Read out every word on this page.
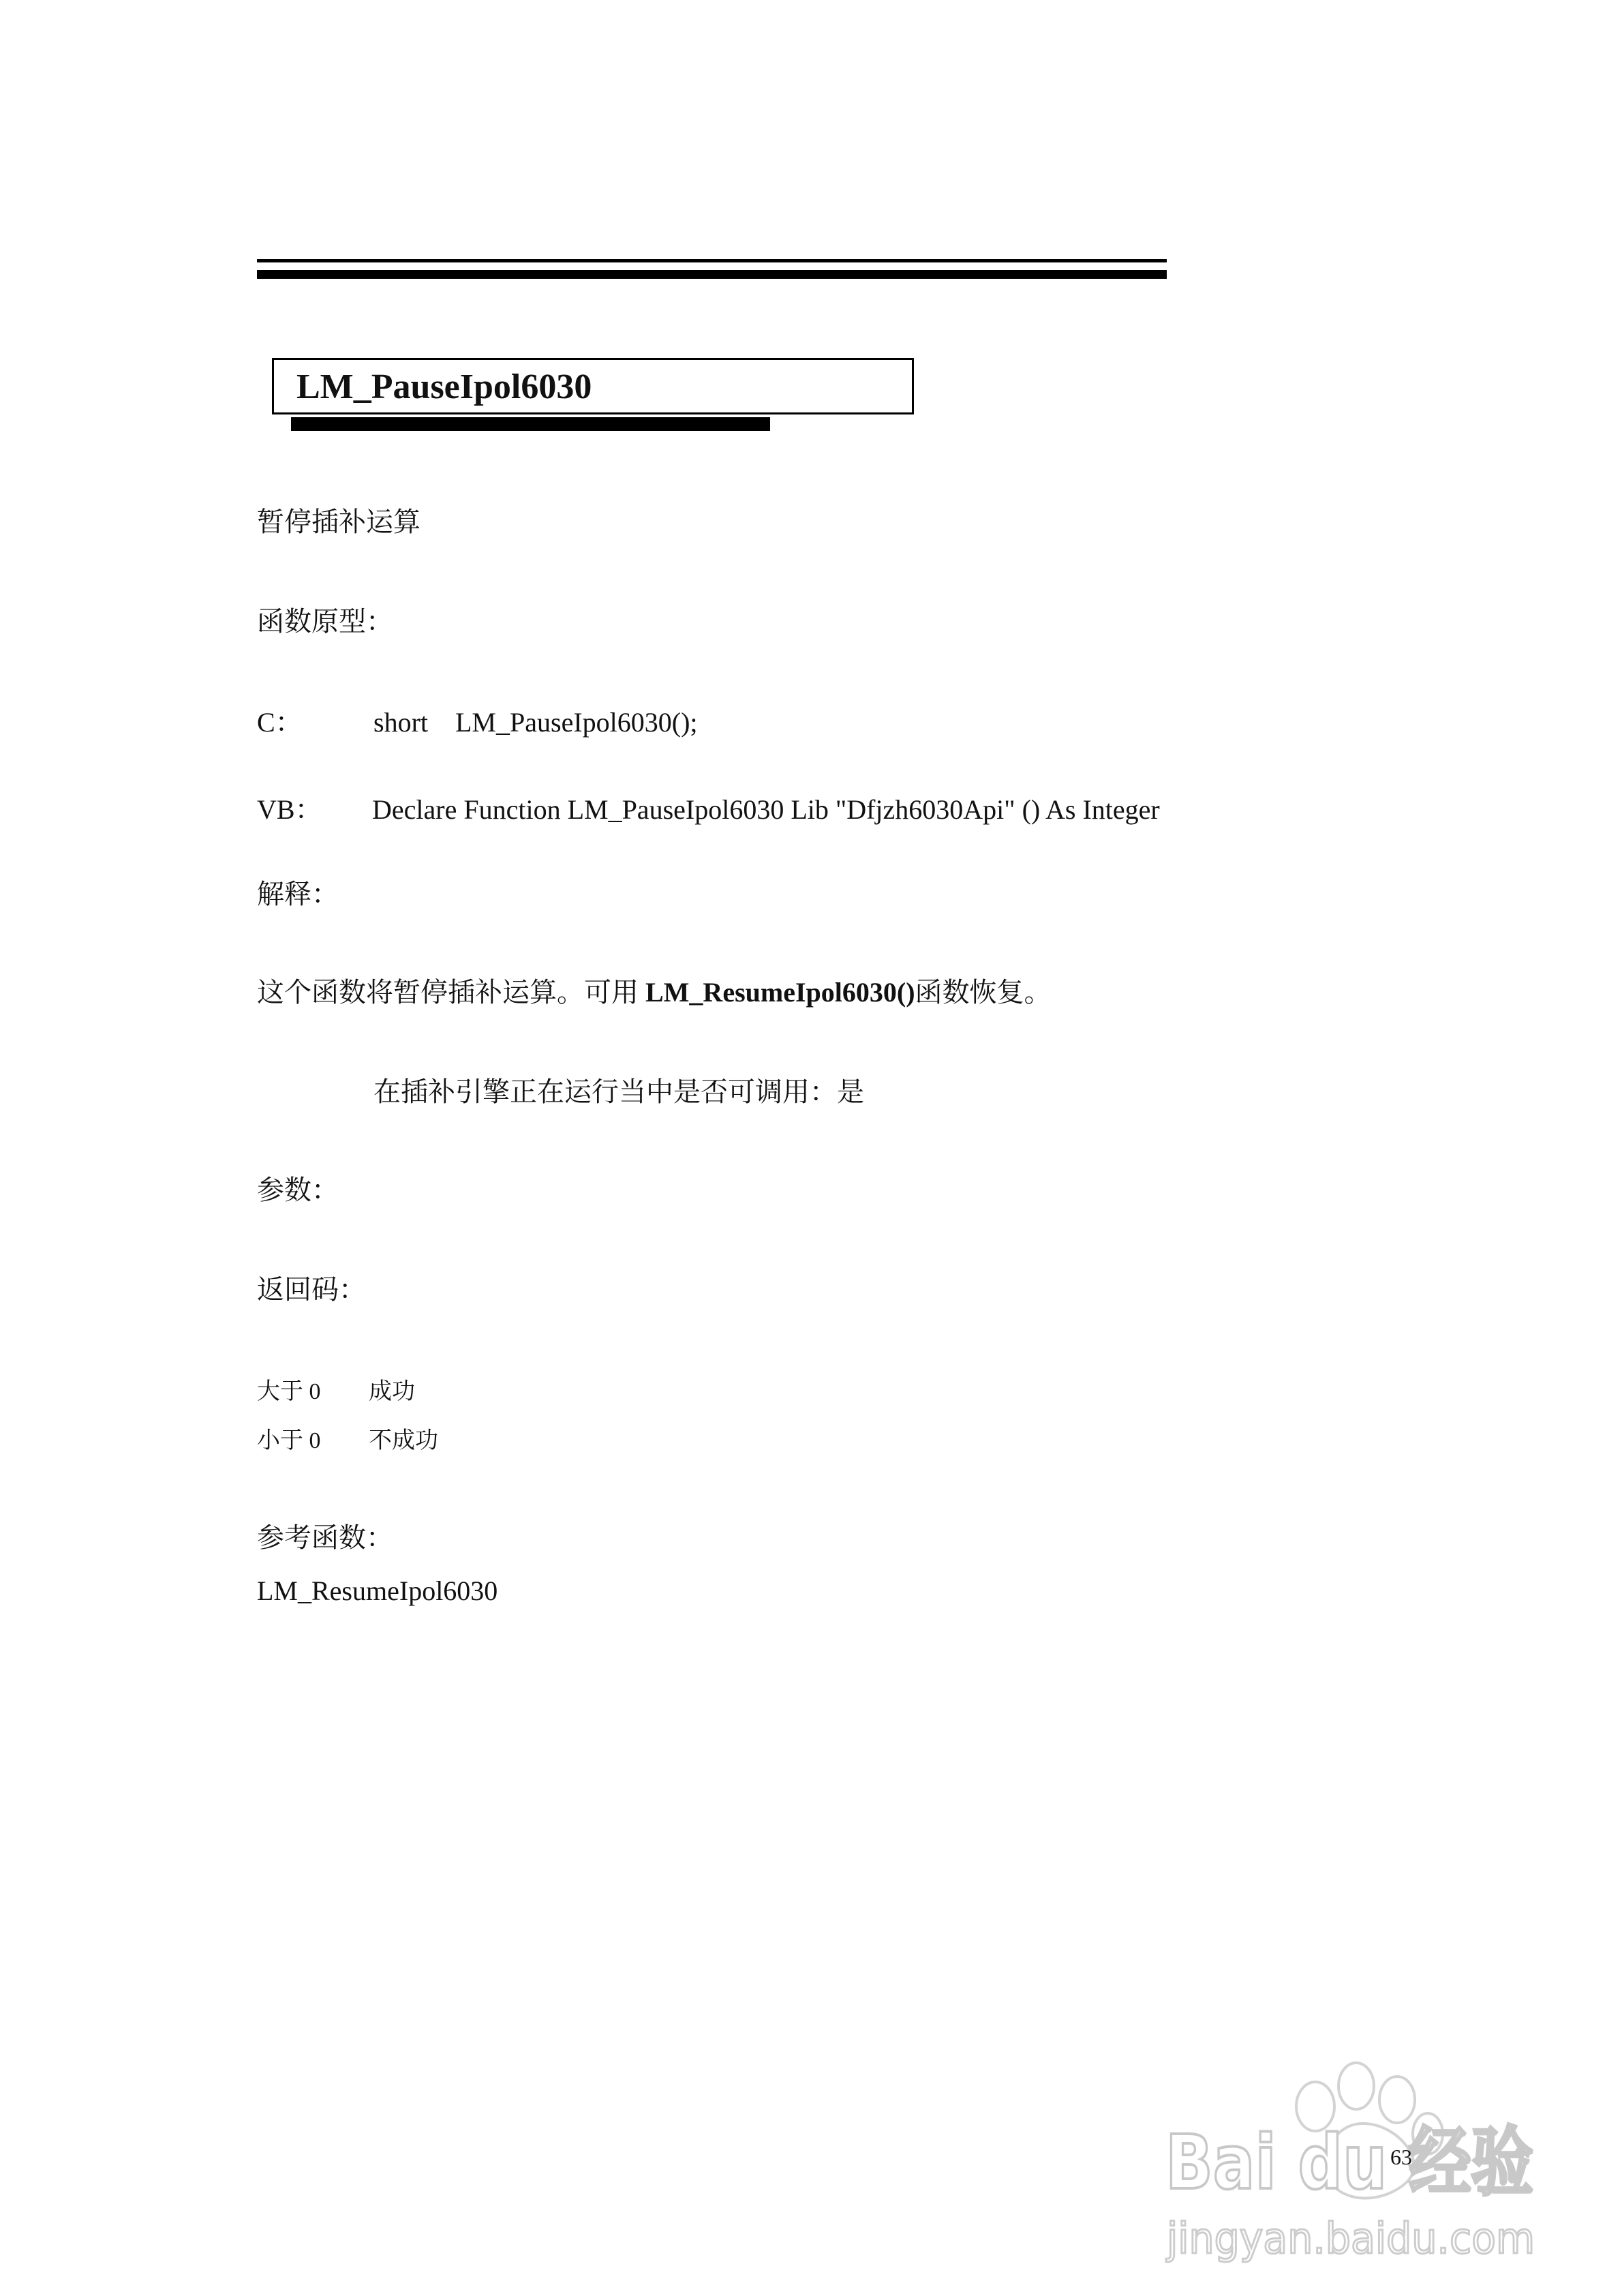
LM_PauseIpol6030
暂停插补运算
函数原型：
C：	short    LM_PauseIpol6030();
VB： Declare Function LM_PauseIpol6030 Lib "Dfjzh6030Api" () As Integer
解释：
这个函数将暂停插补运算。可用 LM_ResumeIpol6030()函数恢复。
在插补引擎正在运行当中是否可调用：是
参数：
返回码：
大于 0 成功
小于 0 不成功
参考函数：
LM_ResumeIpol6030
Bai du 经验
jingyan.baidu.com
63
